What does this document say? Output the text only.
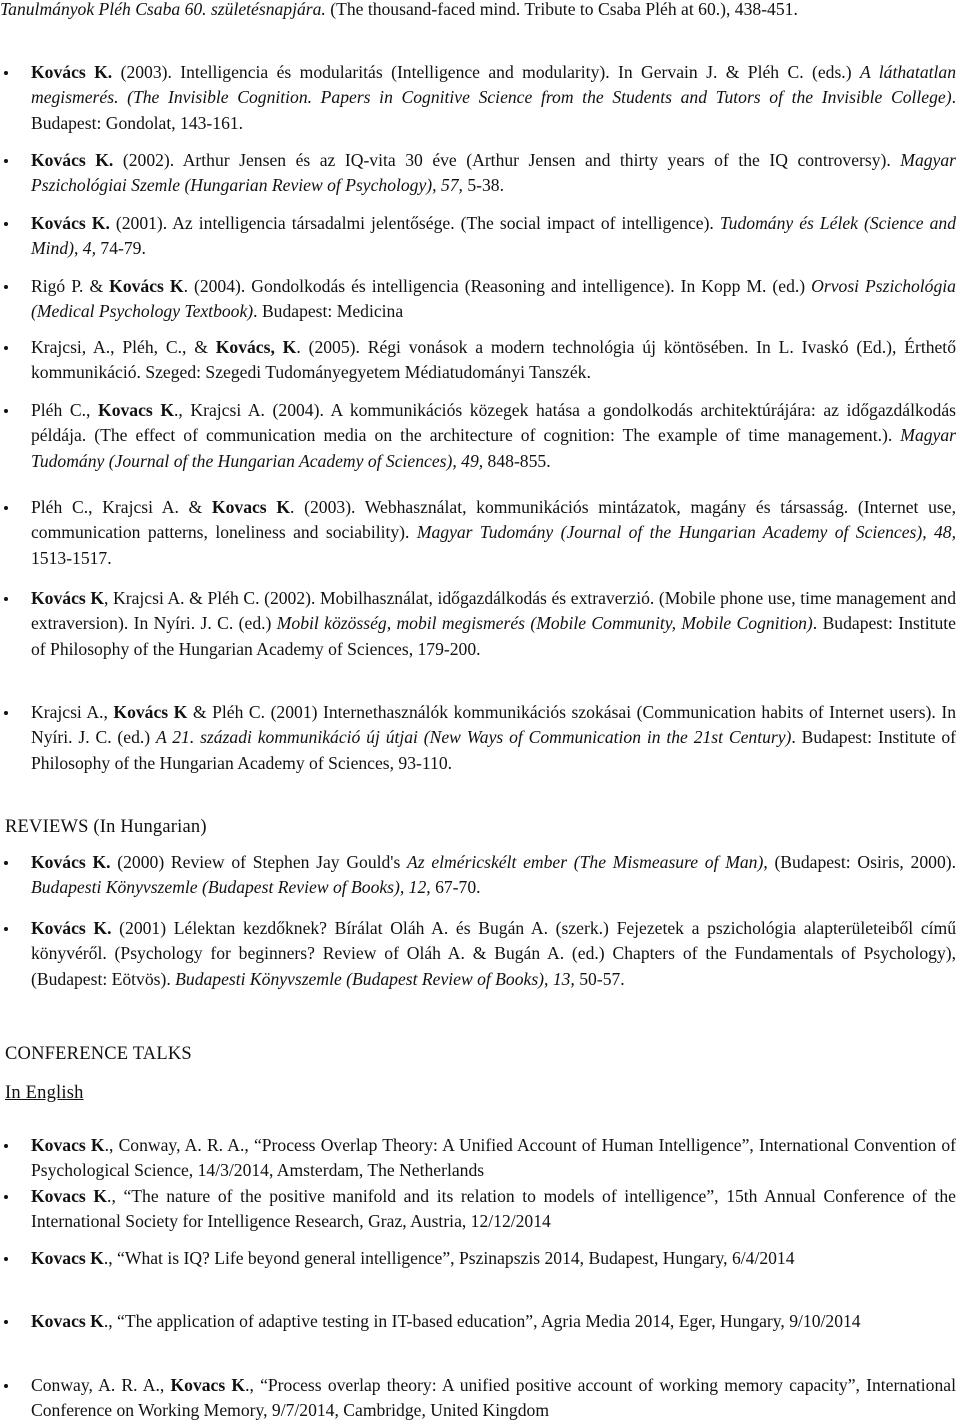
Tanulmányok Pléh Csaba 60. születésnapjára. (The thousand-faced mind. Tribute to Csaba Pléh at 60.), 438-451.
Kovács K. (2003). Intelligencia és modularitás (Intelligence and modularity). In Gervain J. & Pléh C. (eds.) A láthatatlan megismerés. (The Invisible Cognition. Papers in Cognitive Science from the Students and Tutors of the Invisible College). Budapest: Gondolat, 143-161.
Kovács K. (2002). Arthur Jensen és az IQ-vita 30 éve (Arthur Jensen and thirty years of the IQ controversy). Magyar Pszichológiai Szemle (Hungarian Review of Psychology), 57, 5-38.
Kovács K. (2001). Az intelligencia társadalmi jelentősége. (The social impact of intelligence). Tudomány és Lélek (Science and Mind), 4, 74-79.
Rigó P. & Kovács K. (2004). Gondolkodás és intelligencia (Reasoning and intelligence). In Kopp M. (ed.) Orvosi Pszichológia (Medical Psychology Textbook). Budapest: Medicina
Krajcsi, A., Pléh, C., & Kovács, K. (2005). Régi vonások a modern technológia új köntösében. In L. Ivaskó (Ed.), Érthető kommunikáció. Szeged: Szegedi Tudományegyetem Médiatudományi Tanszék.
Pléh C., Kovacs K., Krajcsi A. (2004). A kommunikációs közegek hatása a gondolkodás architektúrájára: az időgazdálkodás példája. (The effect of communication media on the architecture of cognition: The example of time management.). Magyar Tudomány (Journal of the Hungarian Academy of Sciences), 49, 848-855.
Pléh C., Krajcsi A. & Kovacs K. (2003). Webhasználat, kommunikációs mintázatok, magány és társasság. (Internet use, communication patterns, loneliness and sociability). Magyar Tudomány (Journal of the Hungarian Academy of Sciences), 48, 1513-1517.
Kovács K, Krajcsi A. & Pléh C. (2002). Mobilhasználat, időgazdálkodás és extraverzió. (Mobile phone use, time management and extraversion). In Nyíri. J. C. (ed.) Mobil közösség, mobil megismerés (Mobile Community, Mobile Cognition). Budapest: Institute of Philosophy of the Hungarian Academy of Sciences, 179-200.
Krajcsi A., Kovács K & Pléh C. (2001) Internethasználók kommunikációs szokásai (Communication habits of Internet users). In Nyíri. J. C. (ed.) A 21. századi kommunikáció új útjai (New Ways of Communication in the 21st Century). Budapest: Institute of Philosophy of the Hungarian Academy of Sciences, 93-110.
REVIEWS (In Hungarian)
Kovács K. (2000) Review of Stephen Jay Gould's Az elméricskélt ember (The Mismeasure of Man), (Budapest: Osiris, 2000). Budapesti Könyvszemle (Budapest Review of Books), 12, 67-70.
Kovács K. (2001) Lélektan kezdőknek? Bírálat Oláh A. és Bugán A. (szerk.) Fejezetek a pszichológia alapterületeiből című könyvéről. (Psychology for beginners? Review of Oláh A. & Bugán A. (ed.) Chapters of the Fundamentals of Psychology), (Budapest: Eötvös). Budapesti Könyvszemle (Budapest Review of Books), 13, 50-57.
CONFERENCE TALKS
In English
Kovacs K., Conway, A. R. A., “Process Overlap Theory: A Unified Account of Human Intelligence”, International Convention of Psychological Science, 14/3/2014, Amsterdam, The Netherlands
Kovacs K., “The nature of the positive manifold and its relation to models of intelligence”, 15th Annual Conference of the International Society for Intelligence Research, Graz, Austria, 12/12/2014
Kovacs K., “What is IQ? Life beyond general intelligence”, Pszinapszis 2014, Budapest, Hungary, 6/4/2014
Kovacs K., “The application of adaptive testing in IT-based education”, Agria Media 2014, Eger, Hungary, 9/10/2014
Conway, A. R. A., Kovacs K., “Process overlap theory: A unified positive account of working memory capacity”, International Conference on Working Memory, 9/7/2014, Cambridge, United Kingdom
